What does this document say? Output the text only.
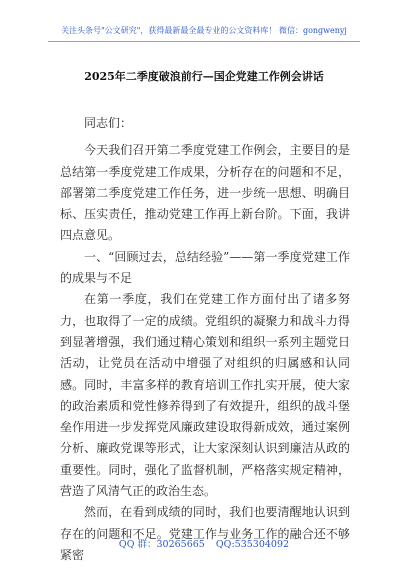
关注头条号"公文研究"，获得最新最全最专业的公文资料库！ 微信：gongwenyj
2025年二季度破浪前行—国企党建工作例会讲话

同志们：

今天我们召开第二季度党建工作例会，主要目的是总结第一季度党建工作成果，分析存在的问题和不足，部署第二季度党建工作任务，进一步统一思想、明确目标、压实责任，推动党建工作再上新台阶。下面，我讲四点意见。

一、“回顾过去，总结经验”——第一季度党建工作的成果与不足

在第一季度，我们在党建工作方面付出了诸多努力，也取得了一定的成绩。党组织的凝聚力和战斗力得到显著增强，我们通过精心策划和组织一系列主题党日活动，让党员在活动中增强了对组织的归属感和认同感。同时，丰富多样的教育培训工作扎实开展，使大家的政治素质和党性修养得到了有效提升，组织的战斗堡垒作用进一步发挥党风廉政建设取得新成效，通过案例分析、廉政党课等形式，让大家深刻认识到廉洁从政的重要性。同时，强化了监督机制，严格落实规定精神，营造了风清气正的政治生态。

然而，在看到成绩的同时，我们也要清醒地认识到存在的问题和不足。党建工作与业务工作的融合还不够紧密

QQ 群：30265665 QQ:535304092
